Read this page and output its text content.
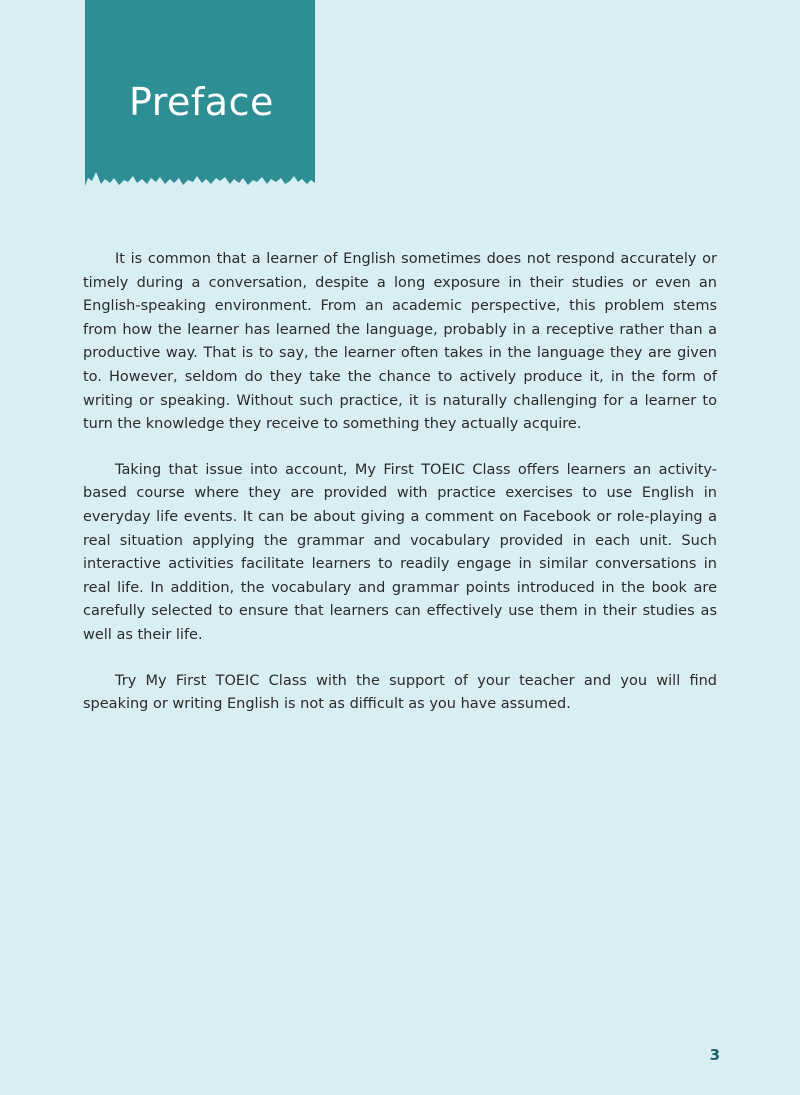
Preface

It is common that a learner of English sometimes does not respond accurately or timely during a conversation, despite a long exposure in their studies or even an English-speaking environment. From an academic perspective, this problem stems from how the learner has learned the language, probably in a receptive rather than a productive way. That is to say, the learner often takes in the language they are given to. However, seldom do they take the chance to actively produce it, in the form of writing or speaking. Without such practice, it is naturally challenging for a learner to turn the knowledge they receive to something they actually acquire.

Taking that issue into account, My First TOEIC Class offers learners an activity-based course where they are provided with practice exercises to use English in everyday life events. It can be about giving a comment on Facebook or role-playing a real situation applying the grammar and vocabulary provided in each unit. Such interactive activities facilitate learners to readily engage in similar conversations in real life. In addition, the vocabulary and grammar points introduced in the book are carefully selected to ensure that learners can effectively use them in their studies as well as their life.

Try My First TOEIC Class with the support of your teacher and you will find speaking or writing English is not as difficult as you have assumed.

3
